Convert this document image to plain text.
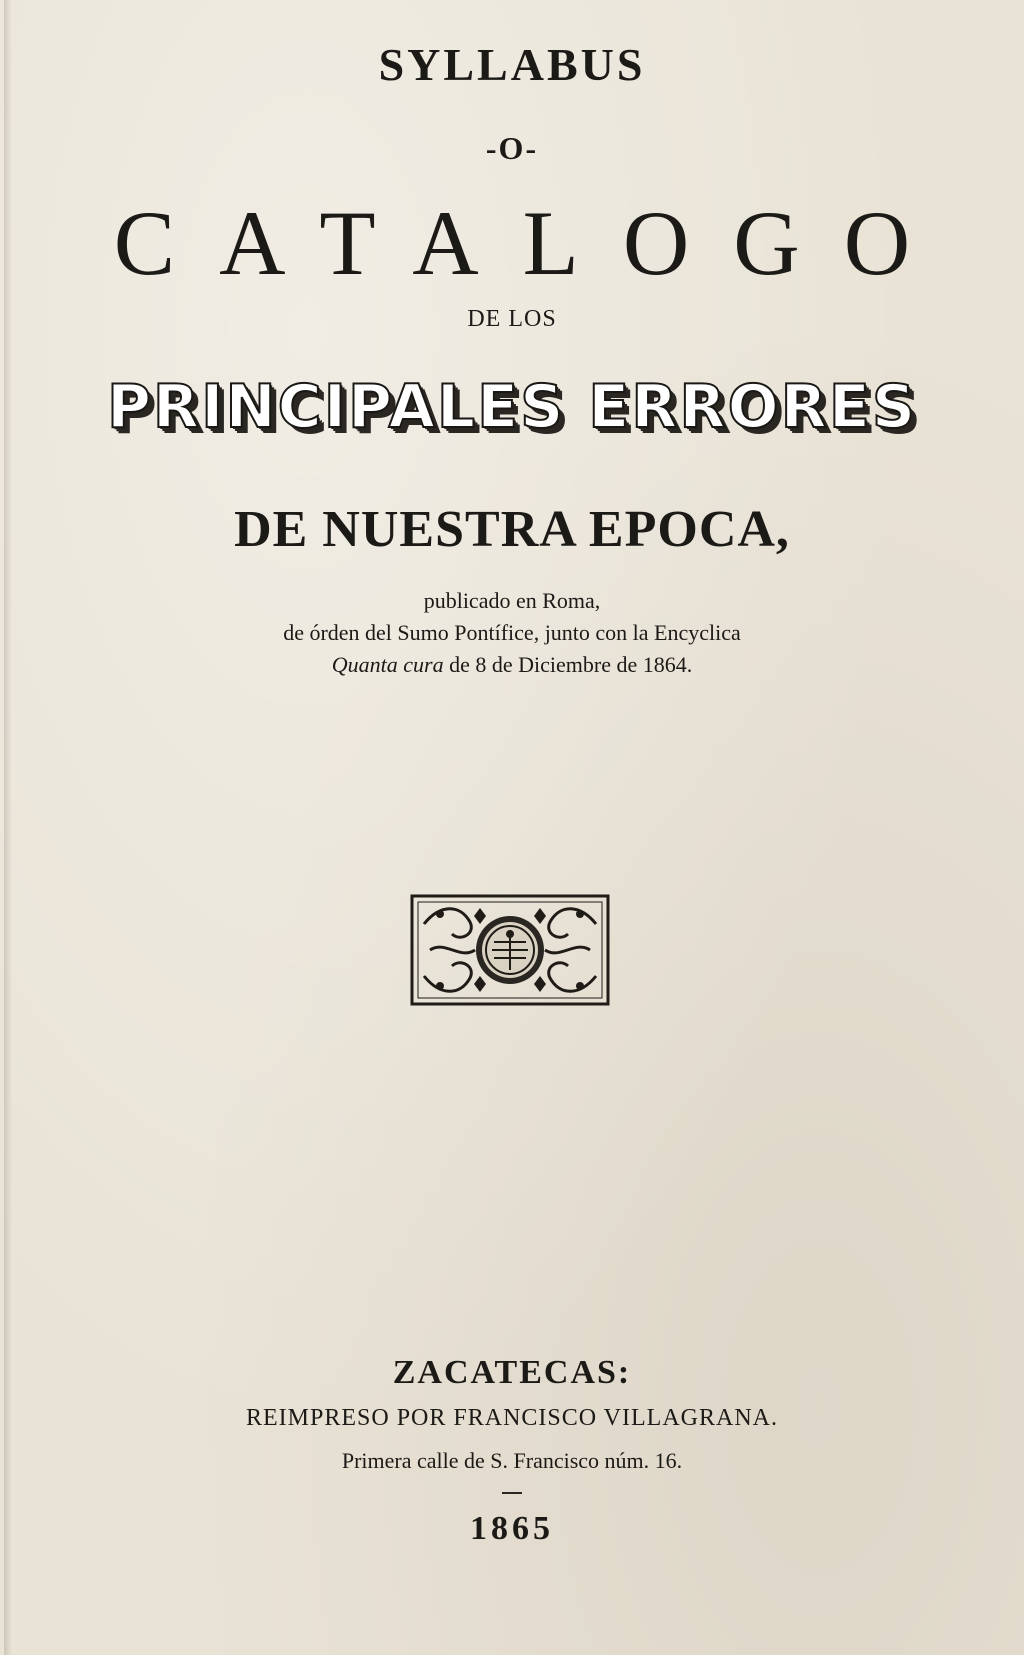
SYLLABUS
-O-
CATALOGO
DE LOS
PRINCIPALES ERRORES
DE NUESTRA EPOCA,
publicado en Roma,
de órden del Sumo Pontífice, junto con la Encyclica
Quanta cura de 8 de Diciembre de 1864.
ZACATECAS:
REIMPRESO POR FRANCISCO VILLAGRANA.
Primera calle de S. Francisco núm. 16.
1865
